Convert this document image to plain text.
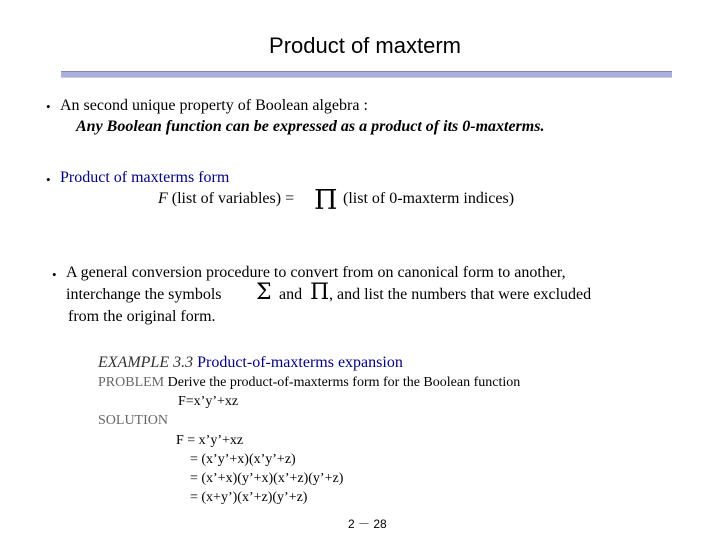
Product of maxterm
• An second unique property of Boolean algebra :
Any Boolean function can be expressed as a product of its 0-maxterms.
• Product of maxterms form
F (list of variables) = Π (list of 0-maxterm indices)
• A general conversion procedure to convert from on canonical form to another,
interchange the symbols Σ and Π , and list the numbers that were excluded
from the original form.
EXAMPLE 3.3 Product-of-maxterms expansion
PROBLEM Derive the product-of-maxterms form for the Boolean function
F=x’y’+xz
SOLUTION
F = x’y’+xz
= (x’y’+x)(x’y’+z)
= (x’+x)(y’+x)(x’+z)(y’+z)
= (x+y’)(x’+z)(y’+z)
2 － 28
